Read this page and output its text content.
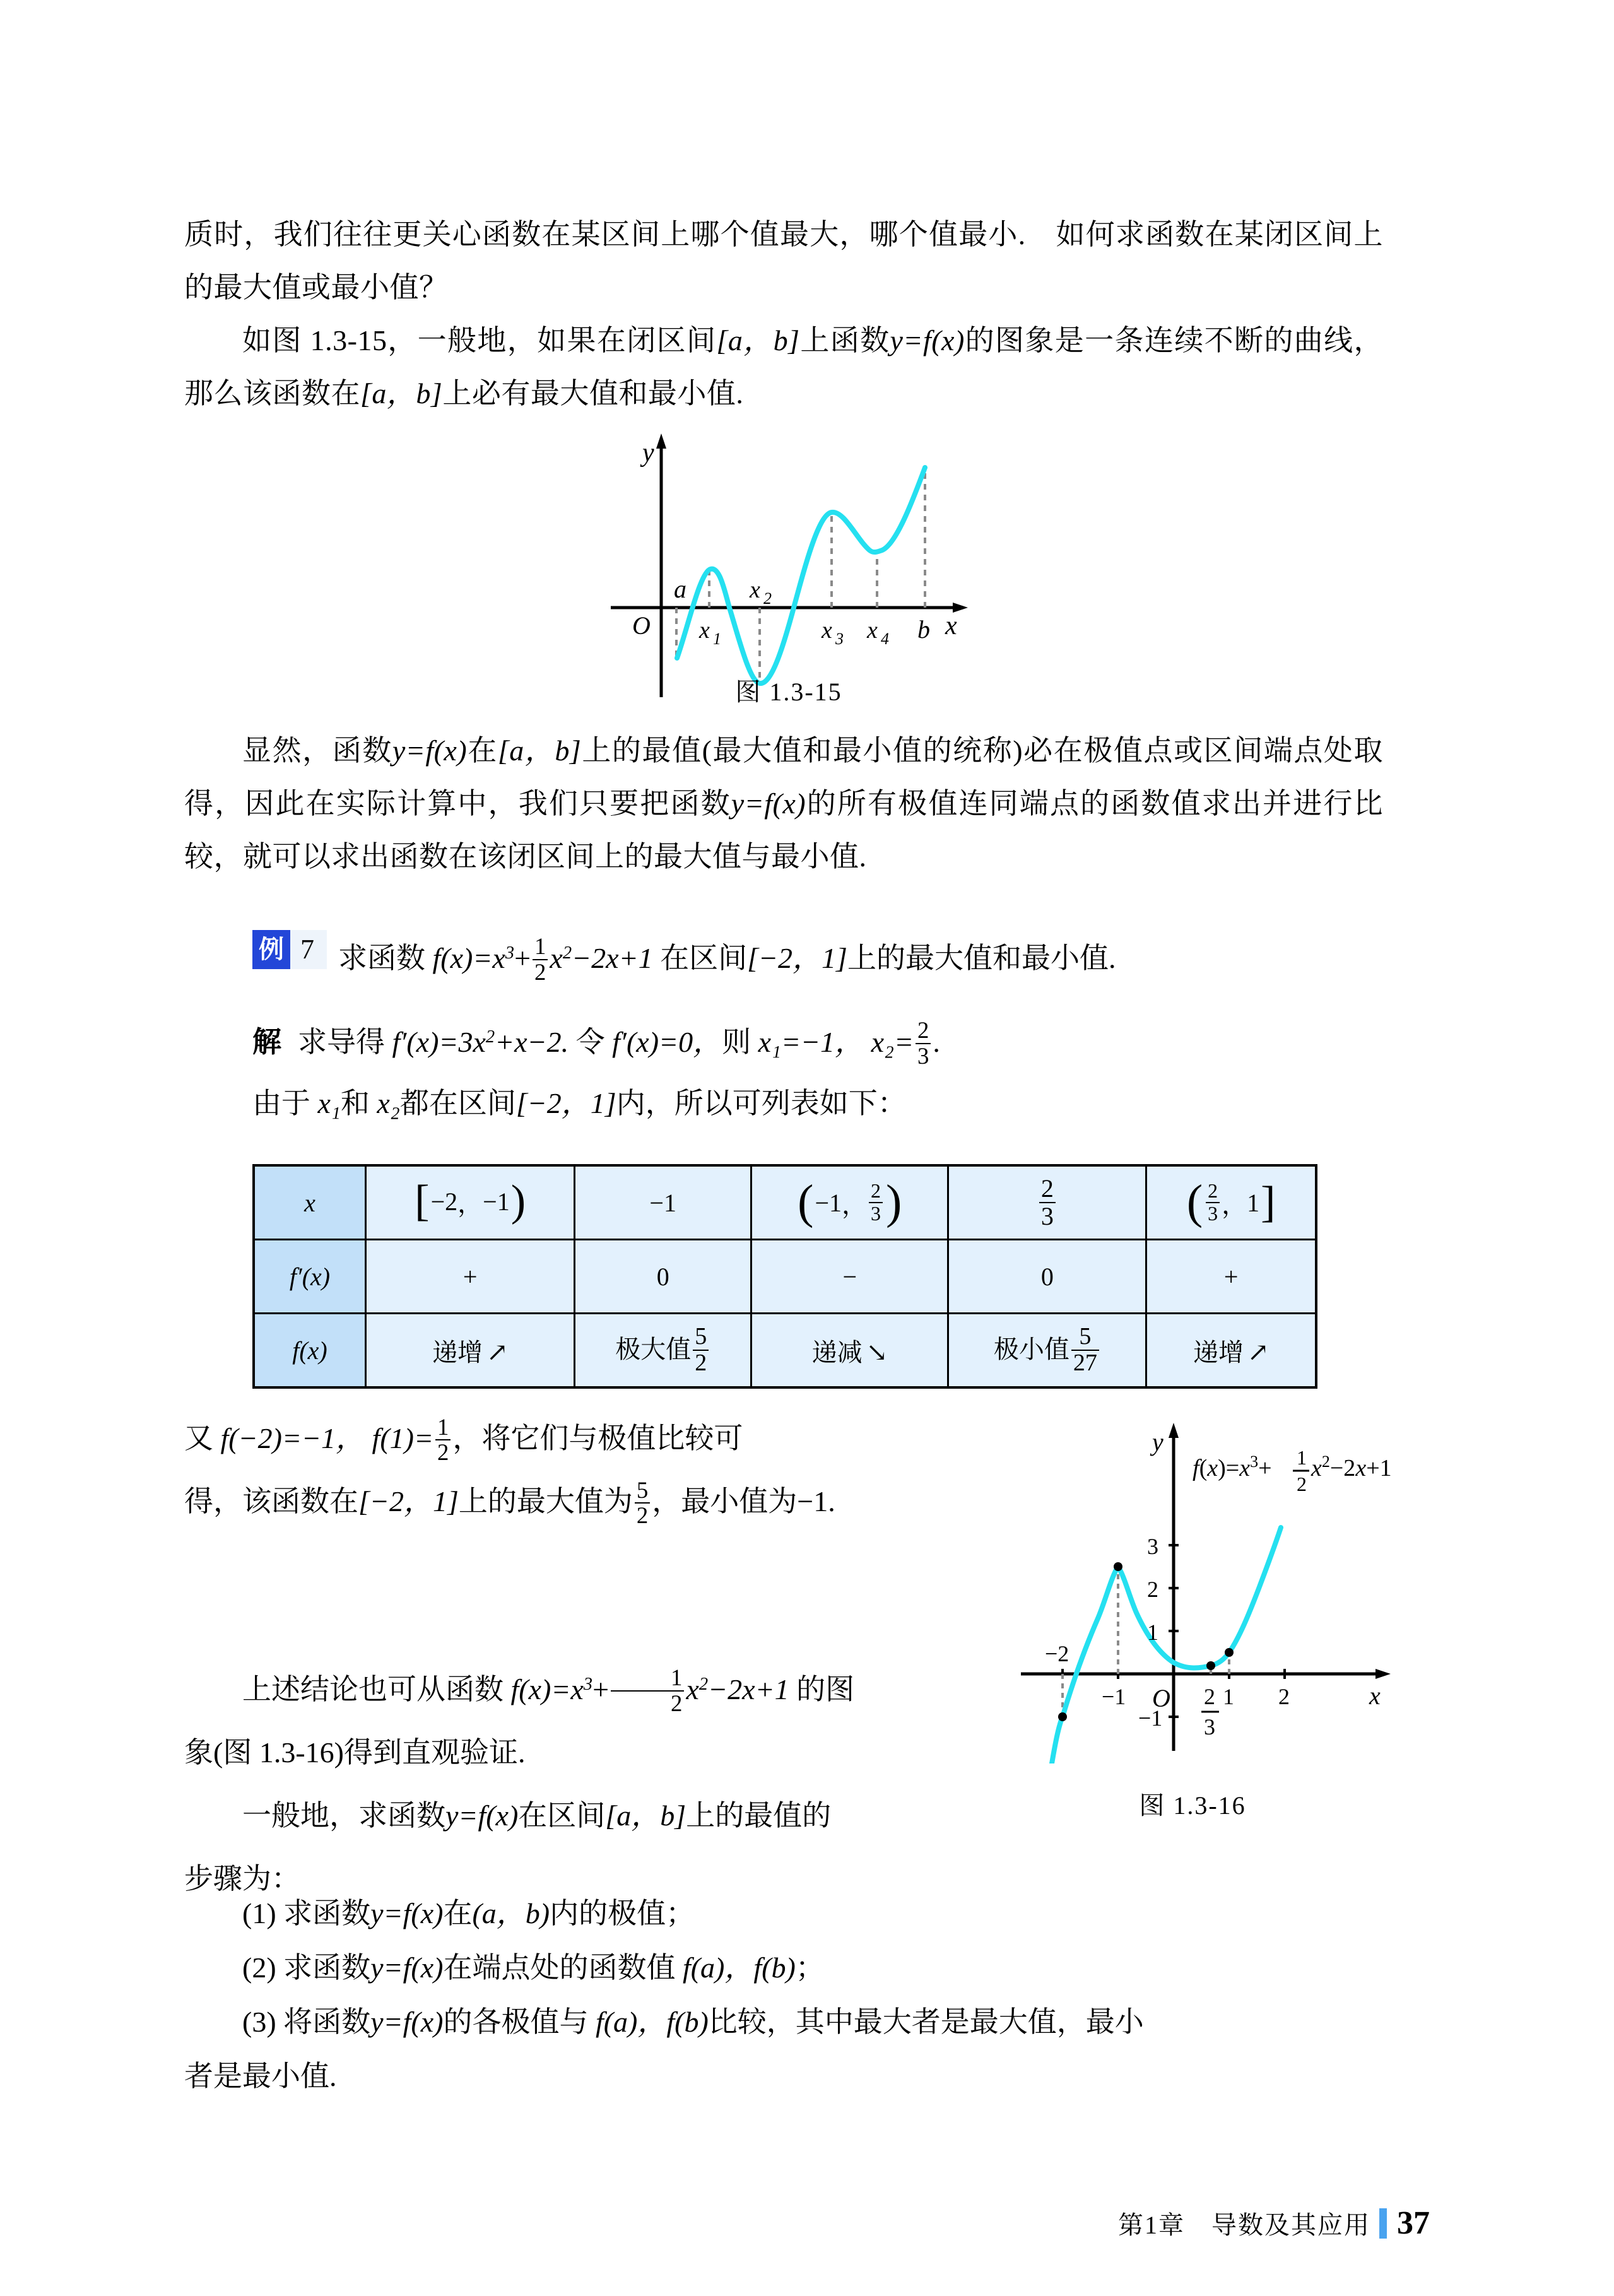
质时，我们往往更关心函数在某区间上哪个值最大，哪个值最小.　如何求函数在某闭区间上的最大值或最小值？

如图 1.3-15，一般地，如果在闭区间[a，b]上函数y=f(x)的图象是一条连续不断的曲线，那么该函数在[a，b]上必有最大值和最小值.

O
a
x 1
x 2
x 3 x 4 b
y
x
图 1.3-15

显然，函数y=f(x)在[a，b]上的最值(最大值和最小值的统称)必在极值点或区间端点处取得，因此在实际计算中，我们只要把函数y=f(x)的所有极值连同端点的函数值求出并进行比较，就可以求出函数在该闭区间上的最大值与最小值.

例 7 求函数 $f(x)=x^3+ \frac{1}{2} x^2-2x+1$ 在区间[−2，1]上的最大值和最小值.
解 求导得 $f'(x)=3x^2+x-2$. 令 f′(x)=0，则 x₁=−1， $x_2= \frac{2}{3}$ .
由于 x₁和 x₂都在区间[−2，1]内，所以可列表如下：
x	[ −2 ， −1 )	−1	( −1 ， $\frac{2}{3}$ )	$\frac{2}{3}$	( $\frac{2}{3}$ ， 1 ]

f′(x)	+	0	−	0	+
f(x)	递增 ↗	极大值 $\frac{5}{2}$	递减 ↘	极小值 $\frac{5}{27}$	递增 ↗
又 f(−2)=−1， $f(1)= \frac{1}{2}$ ，将它们与极值比较可
得，该函数在[−2，1]上的最大值为 $\frac{5}{2}$ ，最小值为−1.
3
2
1
−1
−2
−1	1 2
2
3
O
y
x
$f(x)=x^3+ 1$
2
$x^2-2x+1$
图 1.3-16
上述结论也可从函数 $f(x)=x^3+ \frac{1}{2} x^2-2x+1$ 的图
象(图 1.3-16)得到直观验证.
一般地，求函数y=f(x)在区间[a，b]上的最值的
步骤为：

(1) 求函数y=f(x)在(a，b)内的极值；

(2) 求函数y=f(x)在端点处的函数值 f(a)，f(b)；

(3) 将函数y=f(x)的各极值与 f(a)，f(b)比较，其中最大者是最大值，最小

者是最小值.

第1章　导数及其应用 37
